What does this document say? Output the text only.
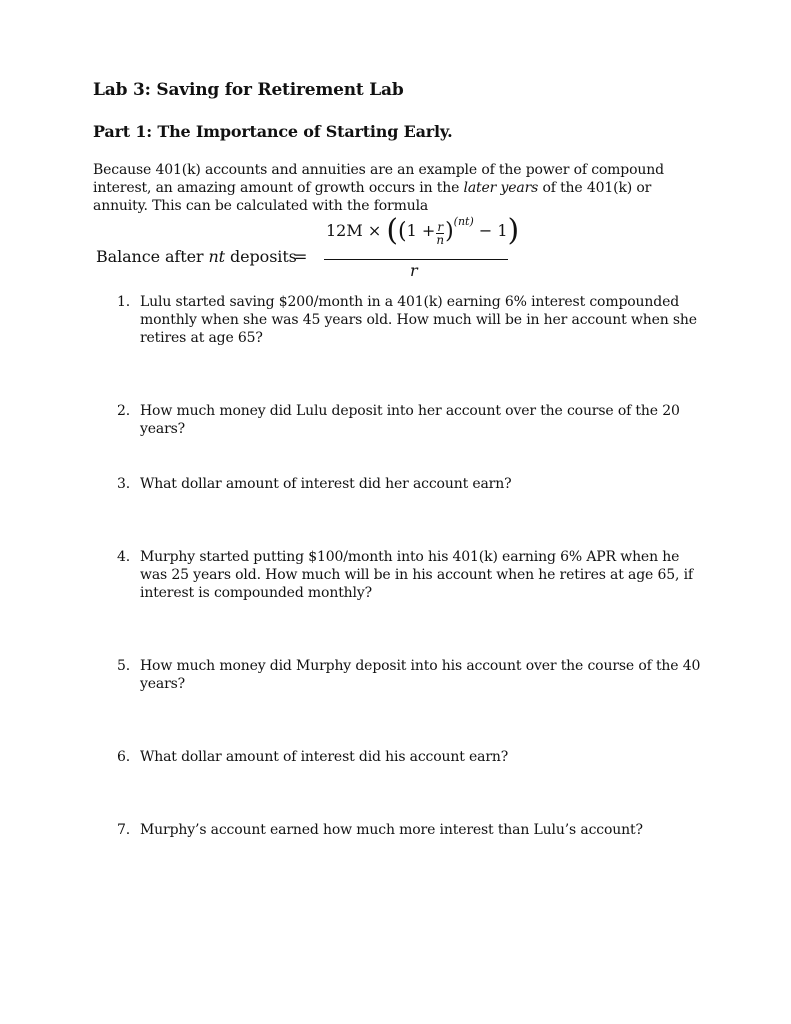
Lab 3: Saving for Retirement Lab
Part 1: The Importance of Starting Early.
Because 401(k) accounts and annuities are an example of the power of compound interest, an amazing amount of growth occurs in the later years of the 401(k) or annuity. This can be calculated with the formula
Balance after nt deposits
=
$12M \times ((1 + \frac{r}{n} )^{(nt)} - 1)$
r
1. Lulu started saving $200/month in a 401(k) earning 6% interest compounded monthly when she was 45 years old. How much will be in her account when she retires at age 65?
2. How much money did Lulu deposit into her account over the course of the 20 years?
3. What dollar amount of interest did her account earn?
4. Murphy started putting $100/month into his 401(k) earning 6% APR when he was 25 years old. How much will be in his account when he retires at age 65, if interest is compounded monthly?
5. How much money did Murphy deposit into his account over the course of the 40 years?
6. What dollar amount of interest did his account earn?
7. Murphy’s account earned how much more interest than Lulu’s account?
